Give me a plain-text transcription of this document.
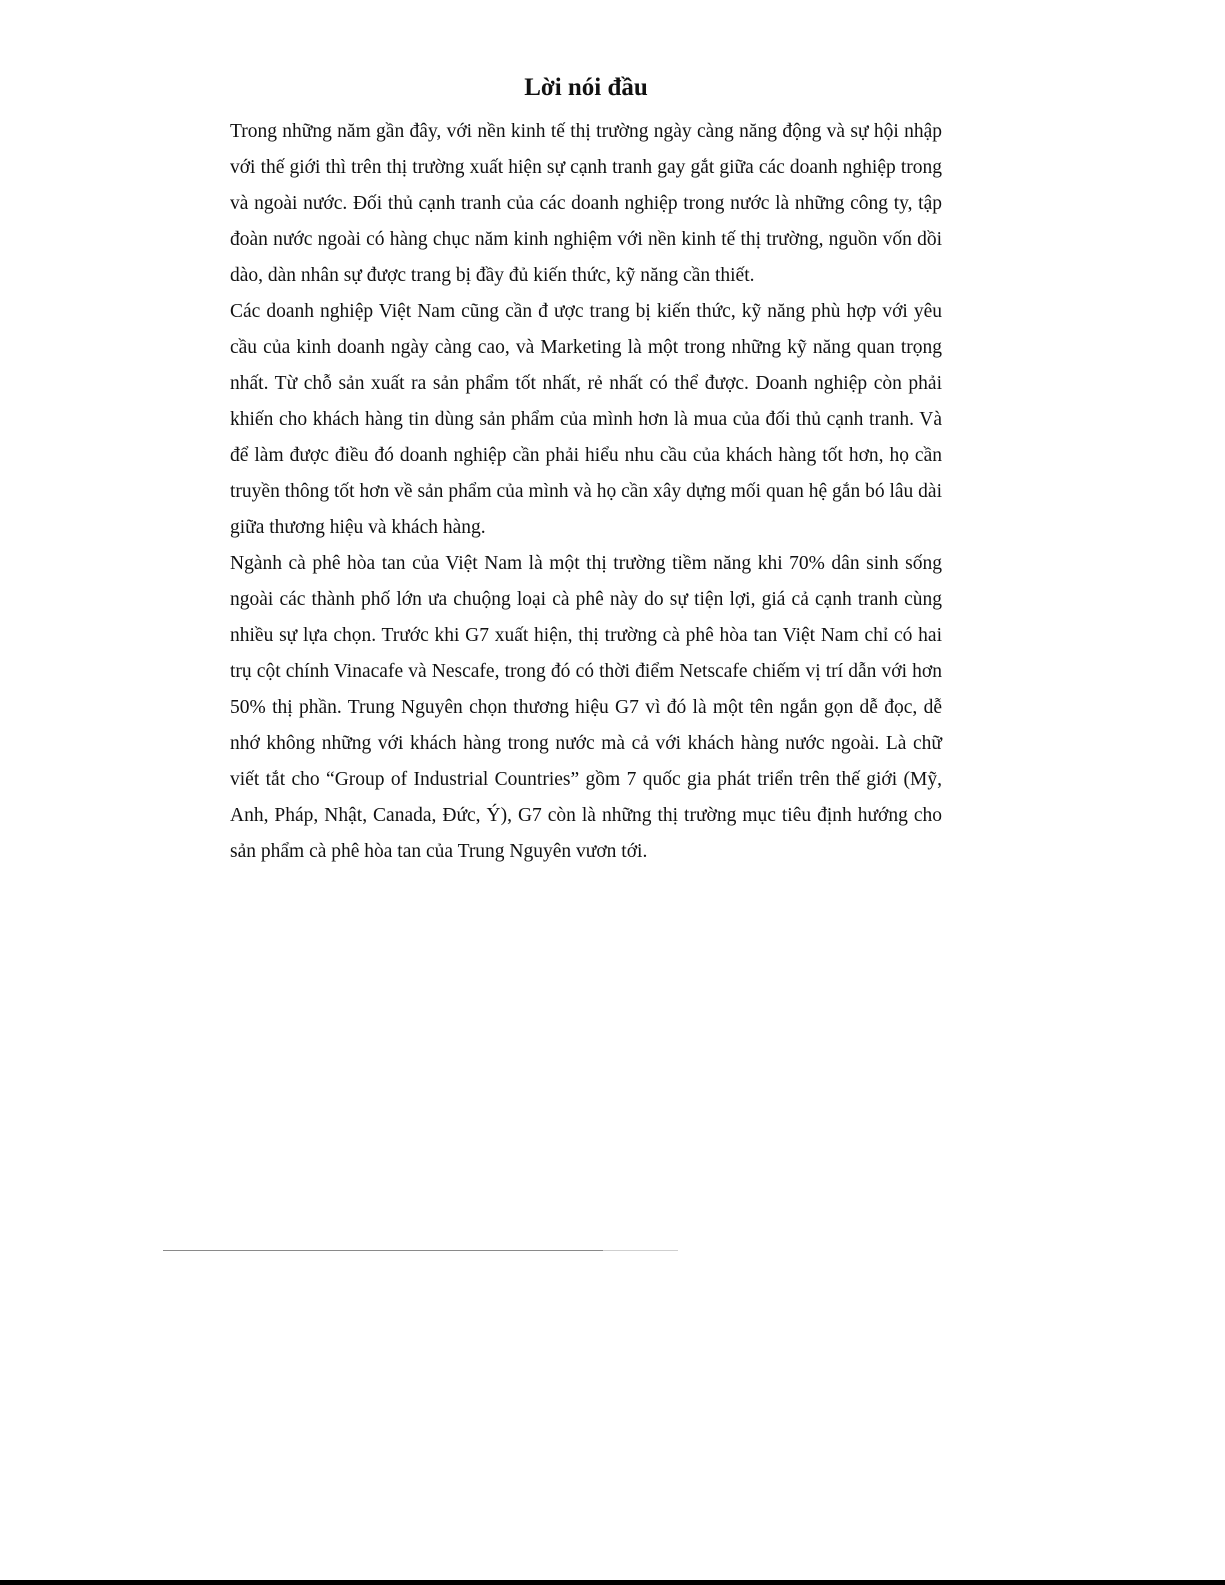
Lời nói đầu

Trong những năm gần đây, với nền kinh tế thị trường ngày càng năng động và sự hội nhập với thế giới thì trên thị trường xuất hiện sự cạnh tranh gay gắt giữa các doanh nghiệp trong và ngoài nước. Đối thủ cạnh tranh của các doanh nghiệp trong nước là những công ty, tập đoàn nước ngoài có hàng chục năm kinh nghiệm với nền kinh tế thị trường, nguồn vốn dồi dào, dàn nhân sự được trang bị đầy đủ kiến thức, kỹ năng cần thiết.

Các doanh nghiệp Việt Nam cũng cần đ ược trang bị kiến thức, kỹ năng phù hợp với yêu cầu của kinh doanh ngày càng cao, và Marketing là một trong những kỹ năng quan trọng nhất. Từ chỗ sản xuất ra sản phẩm tốt nhất, rẻ nhất có thể được. Doanh nghiệp còn phải khiến cho khách hàng tin dùng sản phẩm của mình hơn là mua của đối thủ cạnh tranh. Và để làm được điều đó doanh nghiệp cần phải hiểu nhu cầu của khách hàng tốt hơn, họ cần truyền thông tốt hơn về sản phẩm của mình và họ cần xây dựng mối quan hệ gắn bó lâu dài giữa thương hiệu và khách hàng.

Ngành cà phê hòa tan của Việt Nam là một thị trường tiềm năng khi 70% dân sinh sống ngoài các thành phố lớn ưa chuộng loại cà phê này do sự tiện lợi, giá cả cạnh tranh cùng nhiều sự lựa chọn. Trước khi G7 xuất hiện, thị trường cà phê hòa tan Việt Nam chỉ có hai trụ cột chính Vinacafe và Nescafe, trong đó có thời điểm Netscafe chiếm vị trí dẫn với hơn 50% thị phần. Trung Nguyên chọn thương hiệu G7 vì đó là một tên ngắn gọn dễ đọc, dễ nhớ không những với khách hàng trong nước mà cả với khách hàng nước ngoài. Là chữ viết tắt cho “Group of Industrial Countries” gồm 7 quốc gia phát triển trên thế giới (Mỹ, Anh, Pháp, Nhật, Canada, Đức, Ý), G7 còn là những thị trường mục tiêu định hướng cho sản phẩm cà phê hòa tan của Trung Nguyên vươn tới.
